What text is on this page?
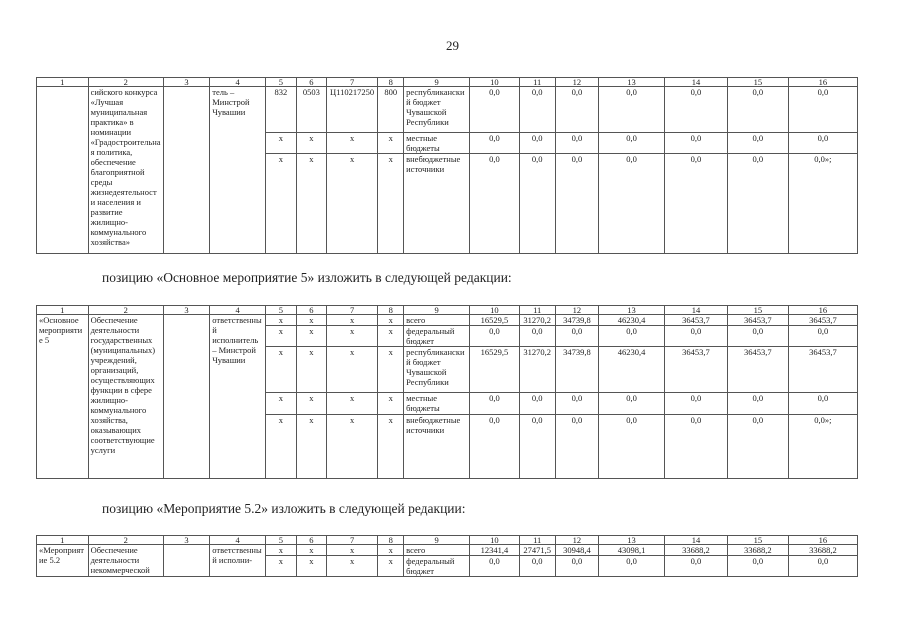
29
1	2	3	4	5	6	7	8	9	10	11	12	13	14	15	16
	сийского конкурса «Лучшая муниципальная практика» в номинации «Градостроительная политика, обеспечение благоприятной среды жизнедеятельности населения и развитие жилищно-коммунального хозяйства»		тель – Минстрой Чувашии	832	0503	Ц110217250	800	республиканский бюджет Чувашской Республики	0,0	0,0	0,0	0,0	0,0	0,0	0,0
				x	x	x	x	местные бюджеты	0,0	0,0	0,0	0,0	0,0	0,0	0,0
				x	x	x	x	внебюджетные источники	0,0	0,0	0,0	0,0	0,0	0,0	0,0»;
позицию «Основное мероприятие 5» изложить в следующей редакции:
1	2	3	4	5	6	7	8	9	10	11	12	13	14	15	16
«Основное мероприятие 5	Обеспечение деятельности государственных (муниципальных) учреждений, организаций, осуществляющих функции в сфере жилищно-коммунального хозяйства, оказывающих соответствующие услуги		ответственный исполнитель – Минстрой Чувашии	x	x	x	x	всего	16529,5	31270,2	34739,8	46230,4	36453,7	36453,7	36453,7
				x	x	x	x	федеральный бюджет	0,0	0,0	0,0	0,0	0,0	0,0	0,0
				x	x	x	x	республиканский бюджет Чувашской Республики	16529,5	31270,2	34739,8	46230,4	36453,7	36453,7	36453,7
				x	x	x	x	местные бюджеты	0,0	0,0	0,0	0,0	0,0	0,0	0,0
				x	x	x	x	внебюджетные источники	0,0	0,0	0,0	0,0	0,0	0,0	0,0»;
позицию «Мероприятие 5.2» изложить в следующей редакции:
1	2	3	4	5	6	7	8	9	10	11	12	13	14	15	16
«Мероприятие 5.2	Обеспечение деятельности некоммерческой		ответственный исполни-	x	x	x	x	всего	12341,4	27471,5	30948,4	43098,1	33688,2	33688,2	33688,2
				x	x	x	x	федеральный бюджет	0,0	0,0	0,0	0,0	0,0	0,0	0,0
